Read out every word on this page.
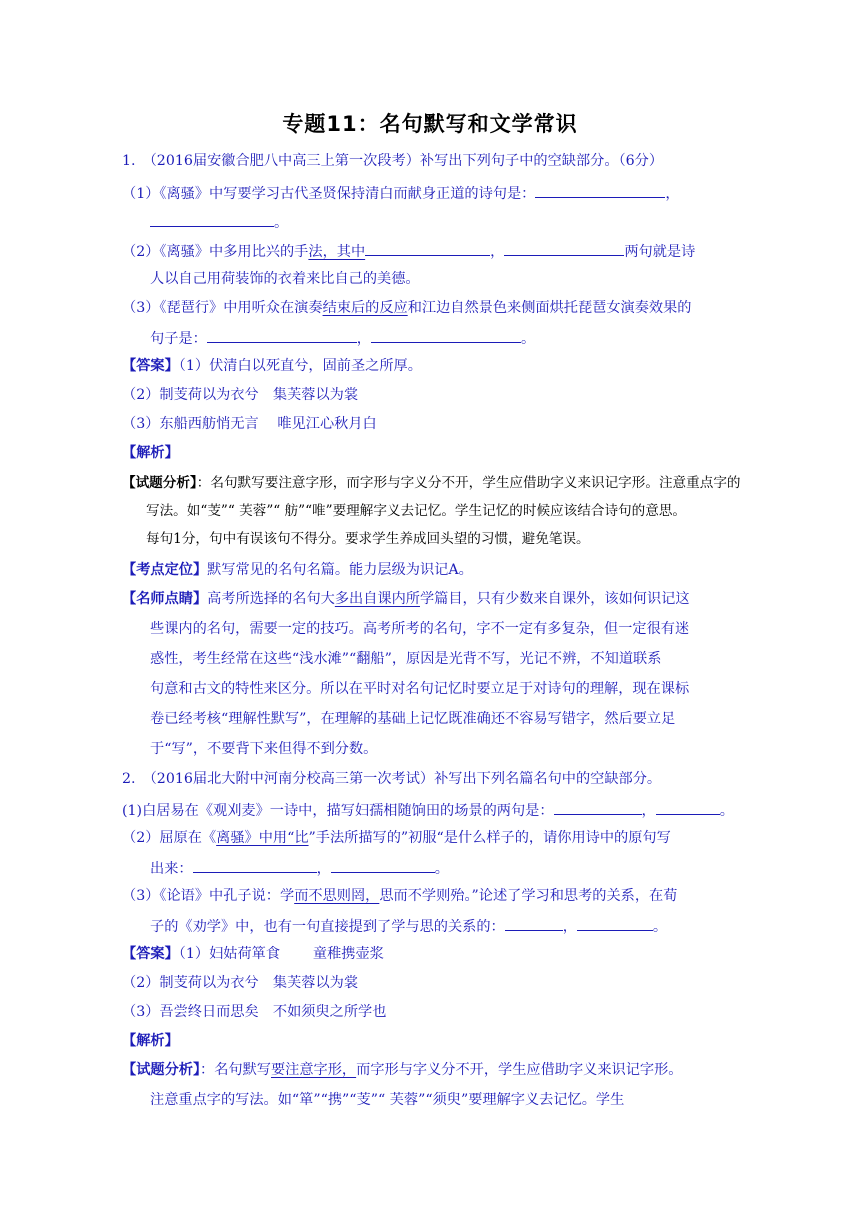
专题11：名句默写和文学常识
1.　（2016届安徽合肥八中高三上第一次段考）补写出下列句子中的空缺部分。（6分）
（1）《离骚》中写要学习古代圣贤保持清白而献身正道的诗句是：	，
。
（2）《离骚》中多用比兴的手法，其中	，	两句就是诗
人以自己用荷装饰的衣着来比自己的美德。
（3）《琵琶行》中用听众在演奏结束后的反应和江边自然景色来侧面烘托琵琶女演奏效果的
句子是：	，	。
【答案】（1）伏清白以死直兮，固前圣之所厚。
（2）制芰荷以为衣兮　集芙蓉以为裳
（3）东船西舫悄无言　 唯见江心秋月白
【解析】
【试题分析】：名句默写要注意字形，而字形与字义分不开，学生应借助字义来识记字形。注意重点字的
写法。如“芰”“ 芙蓉”“ 舫”“唯”要理解字义去记忆。学生记忆的时候应该结合诗句的意思。
每句1分，句中有误该句不得分。要求学生养成回头望的习惯，避免笔误。
【考点定位】默写常见的名句名篇。能力层级为识记A。
【名师点睛】高考所选择的名句大多出自课内所学篇目，只有少数来自课外，该如何识记这
些课内的名句，需要一定的技巧。高考所考的名句，字不一定有多复杂，但一定很有迷
惑性，考生经常在这些“浅水滩”“翻船”，原因是光背不写，光记不辨，不知道联系
句意和古文的特性来区分。所以在平时对名句记忆时要立足于对诗句的理解，现在课标
卷已经考核“理解性默写”，在理解的基础上记忆既准确还不容易写错字，然后要立足
于“写”，不要背下来但得不到分数。
2.　（2016届北大附中河南分校高三第一次考试）补写出下列名篇名句中的空缺部分。
(1)白居易在《观刈麦》一诗中，描写妇孺相随饷田的场景的两句是：	，	。
（2）屈原在《离骚》中用“比”手法所描写的”初服“是什么样子的，请你用诗中的原句写
出来：	，	。
（3）《论语》中孔子说：学而不思则罔，思而不学则殆。”论述了学习和思考的关系，在荀
子的《劝学》中，也有一句直接提到了学与思的关系的：	，	。
【答案】（1）妇姑荷箪食　　 童稚携壶浆
（2）制芰荷以为衣兮　集芙蓉以为裳
（3）吾尝终日而思矣　不如须臾之所学也
【解析】
【试题分析】：名句默写要注意字形，而字形与字义分不开，学生应借助字义来识记字形。
注意重点字的写法。如“箪”“携”“芰”“ 芙蓉”“须臾”要理解字义去记忆。学生
